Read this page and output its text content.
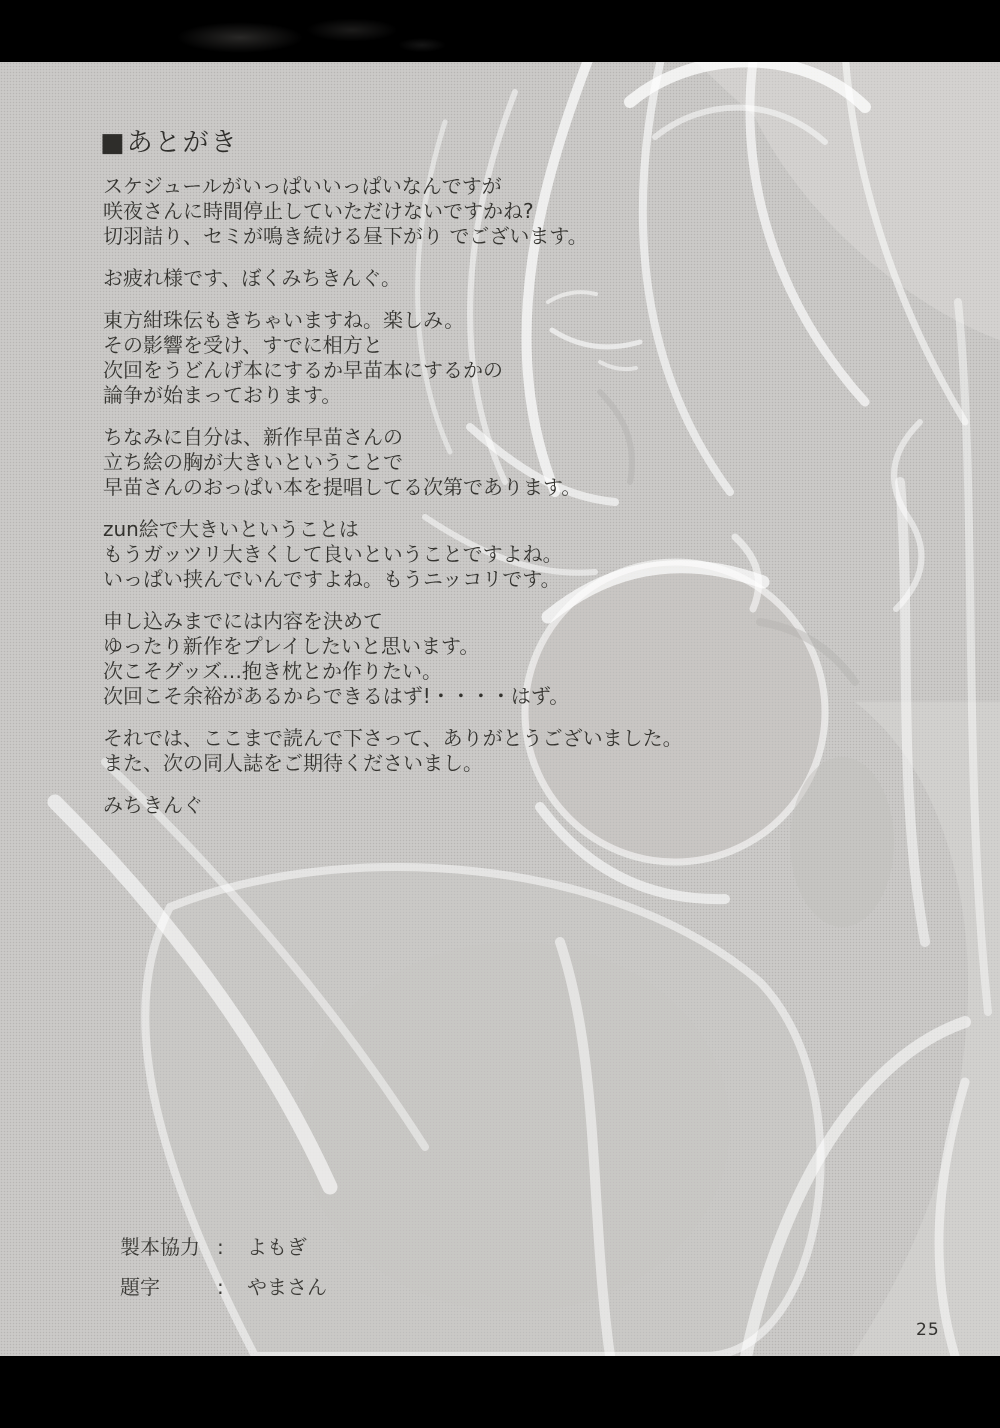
■あとがき

スケジュールがいっぱいいっぱいなんですが
咲夜さんに時間停止していただけないですかね?
切羽詰り、セミが鳴き続ける昼下がり でございます。

お疲れ様です、ぼくみちきんぐ。

東方紺珠伝もきちゃいますね。楽しみ。
その影響を受け、すでに相方と
次回をうどんげ本にするか早苗本にするかの
論争が始まっております。

ちなみに自分は、新作早苗さんの
立ち絵の胸が大きいということで
早苗さんのおっぱい本を提唱してる次第であります。

zun絵で大きいということは
もうガッツリ大きくして良いということですよね。
いっぱい挟んでいんですよね。もうニッコリです。

申し込みまでには内容を決めて
ゆったり新作をプレイしたいと思います。
次こそグッズ…抱き枕とか作りたい。
次回こそ余裕があるからできるはず!・・・・はず。

それでは、ここまで読んで下さって、ありがとうございました。
また、次の同人誌をご期待くださいまし。

みちきんぐ

製本協力 :	よもぎ
題字	:	やまさん
25
